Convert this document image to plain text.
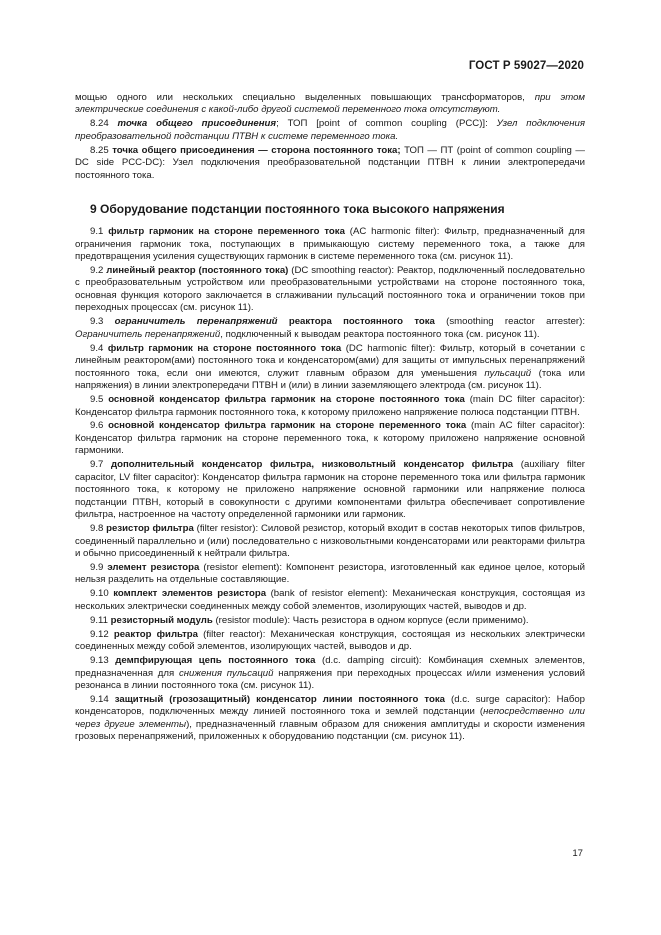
ГОСТ Р 59027—2020

мощью одного или нескольких специально выделенных повышающих трансформаторов, при этом электрические соединения с какой-либо другой системой переменного тока отсутствуют.

8.24 точка общего присоединения; ТОП [point of common coupling (PCC)]: Узел подключения преобразовательной подстанции ПТВН к системе переменного тока.

8.25 точка общего присоединения — сторона постоянного тока; ТОП — ПТ (point of common coupling — DC side PCC-DC): Узел подключения преобразовательной подстанции ПТВН к линии электропередачи постоянного тока.

9 Оборудование подстанции постоянного тока высокого напряжения

9.1 фильтр гармоник на стороне переменного тока (AC harmonic filter): Фильтр, предназначенный для ограничения гармоник тока, поступающих в примыкающую систему переменного тока, а также для предотвращения усиления существующих гармоник в системе переменного тока (см. рисунок 11).

9.2 линейный реактор (постоянного тока) (DC smoothing reactor): Реактор, подключенный последовательно с преобразовательным устройством или преобразовательными устройствами на стороне постоянного тока, основная функция которого заключается в сглаживании пульсаций постоянного тока и ограничении токов при переходных процессах (см. рисунок 11).

9.3 ограничитель перенапряжений реактора постоянного тока (smoothing reactor arrester): Ограничитель перенапряжений, подключенный к выводам реактора постоянного тока (см. рисунок 11).

9.4 фильтр гармоник на стороне постоянного тока (DC harmonic filter): Фильтр, который в сочетании с линейным реактором(ами) постоянного тока и конденсатором(ами) для защиты от импульсных перенапряжений постоянного тока, если они имеются, служит главным образом для уменьшения пульсаций (тока или напряжения) в линии электропередачи ПТВН и (или) в линии заземляющего электрода (см. рисунок 11).

9.5 основной конденсатор фильтра гармоник на стороне постоянного тока (main DC filter capacitor): Конденсатор фильтра гармоник постоянного тока, к которому приложено напряжение полюса подстанции ПТВН.

9.6 основной конденсатор фильтра гармоник на стороне переменного тока (main AC filter capacitor): Конденсатор фильтра гармоник на стороне переменного тока, к которому приложено напряжение основной гармоники.

9.7 дополнительный конденсатор фильтра, низковольтный конденсатор фильтра (auxiliary filter capacitor, LV filter capacitor): Конденсатор фильтра гармоник на стороне переменного тока или фильтра гармоник постоянного тока, к которому не приложено напряжение основной гармоники или напряжение полюса подстанции ПТВН, который в совокупности с другими компонентами фильтра обеспечивает сопротивление фильтра, настроенное на частоту определенной гармоники или гармоник.

9.8 резистор фильтра (filter resistor): Силовой резистор, который входит в состав некоторых типов фильтров, соединенный параллельно и (или) последовательно с низковольтными конденсаторами или реакторами фильтра и обычно присоединенный к нейтрали фильтра.

9.9 элемент резистора (resistor element): Компонент резистора, изготовленный как единое целое, который нельзя разделить на отдельные составляющие.

9.10 комплект элементов резистора (bank of resistor element): Механическая конструкция, состоящая из нескольких электрически соединенных между собой элементов, изолирующих частей, выводов и др.

9.11 резисторный модуль (resistor module): Часть резистора в одном корпусе (если применимо).

9.12 реактор фильтра (filter reactor): Механическая конструкция, состоящая из нескольких электрически соединенных между собой элементов, изолирующих частей, выводов и др.

9.13 демпфирующая цепь постоянного тока (d.c. damping circuit): Комбинация схемных элементов, предназначенная для снижения пульсаций напряжения при переходных процессах и/или изменения условий резонанса в линии постоянного тока (см. рисунок 11).

9.14 защитный (грозозащитный) конденсатор линии постоянного тока (d.c. surge capacitor): Набор конденсаторов, подключенных между линией постоянного тока и землей подстанции (непосредственно или через другие элементы), предназначенный главным образом для снижения амплитуды и скорости изменения грозовых перенапряжений, приложенных к оборудованию подстанции (см. рисунок 11).

17
